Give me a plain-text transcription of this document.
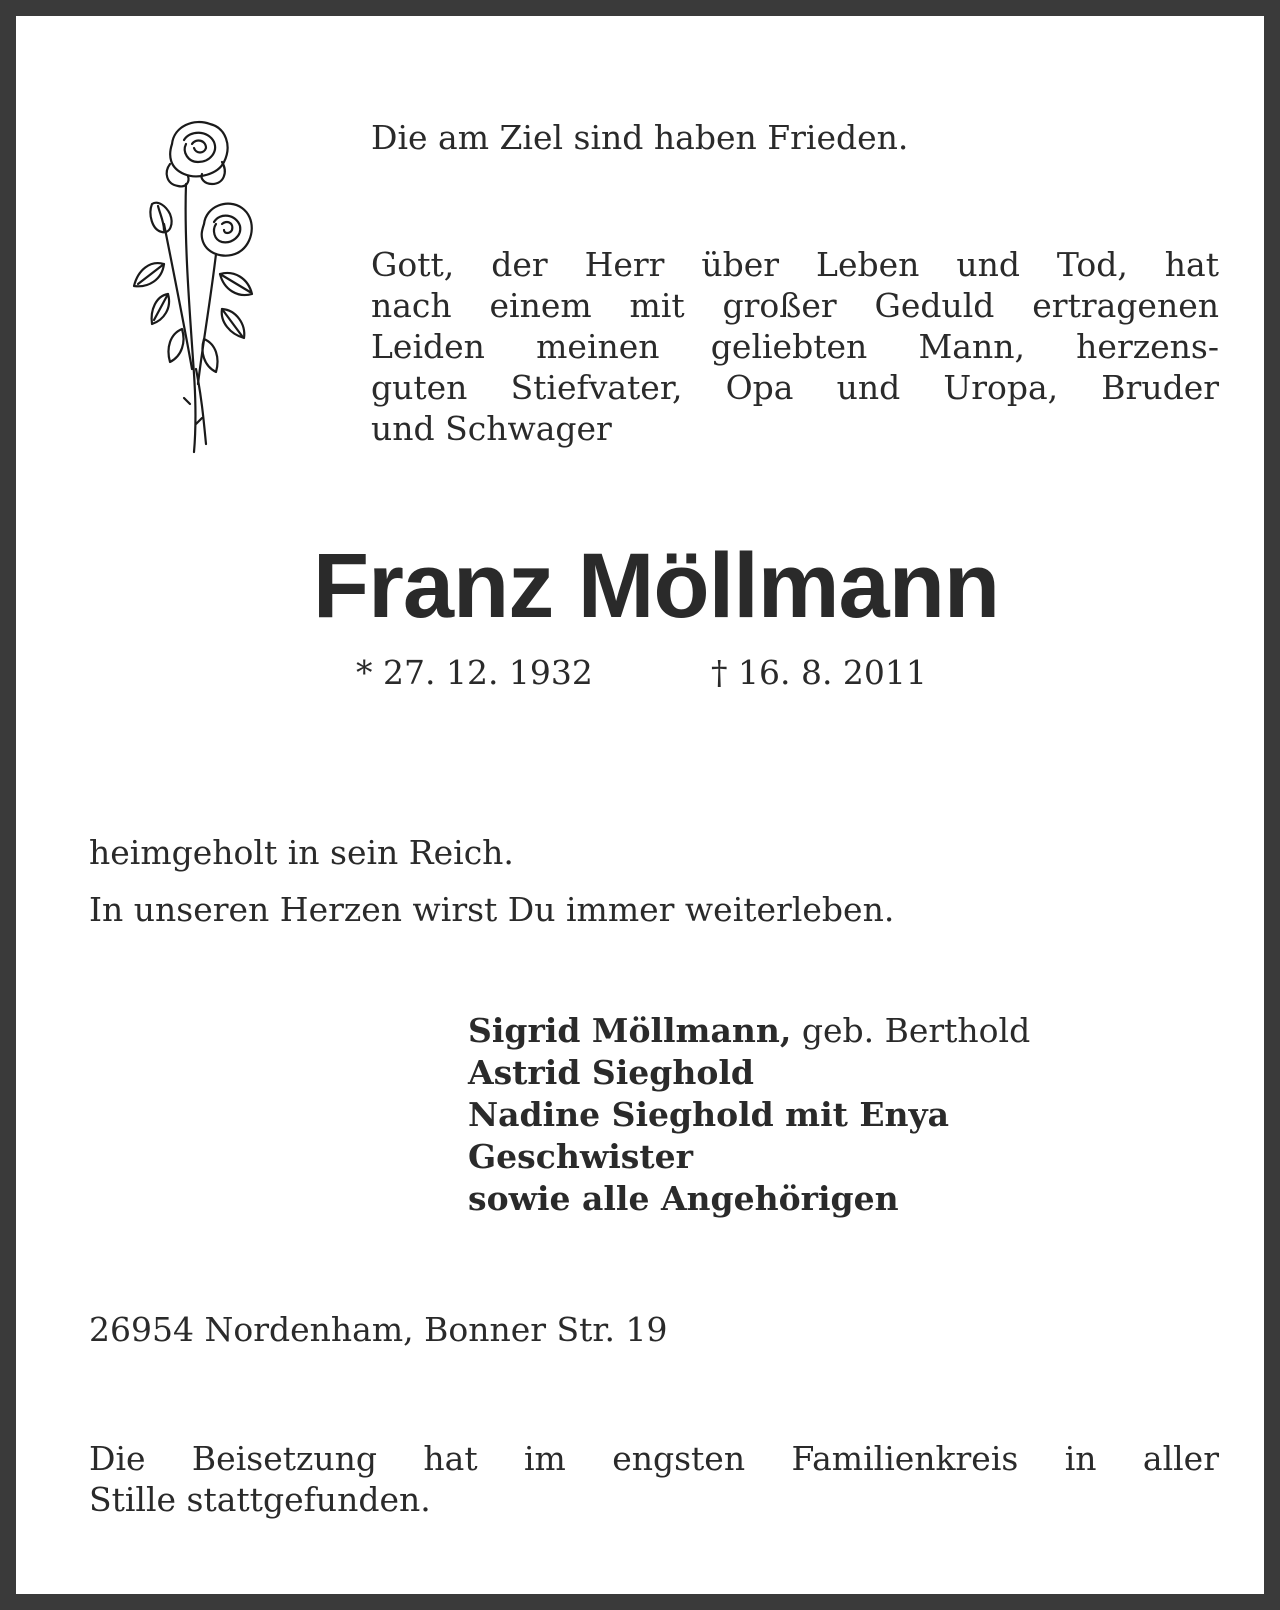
Die am Ziel sind haben Frieden.
Gott, der Herr über Leben und Tod, hat
nach einem mit großer Geduld ertragenen
Leiden meinen geliebten Mann, herzens-
guten Stiefvater, Opa und Uropa, Bruder
und Schwager
Franz Möllmann
* 27. 12. 1932	† 16. 8. 2011
heimgeholt in sein Reich.
In unseren Herzen wirst Du immer weiterleben.
Sigrid Möllmann, geb. Berthold
Astrid Sieghold
Nadine Sieghold mit Enya
Geschwister
sowie alle Angehörigen
26954 Nordenham, Bonner Str. 19
Die Beisetzung hat im engsten Familienkreis in aller
Stille stattgefunden.
